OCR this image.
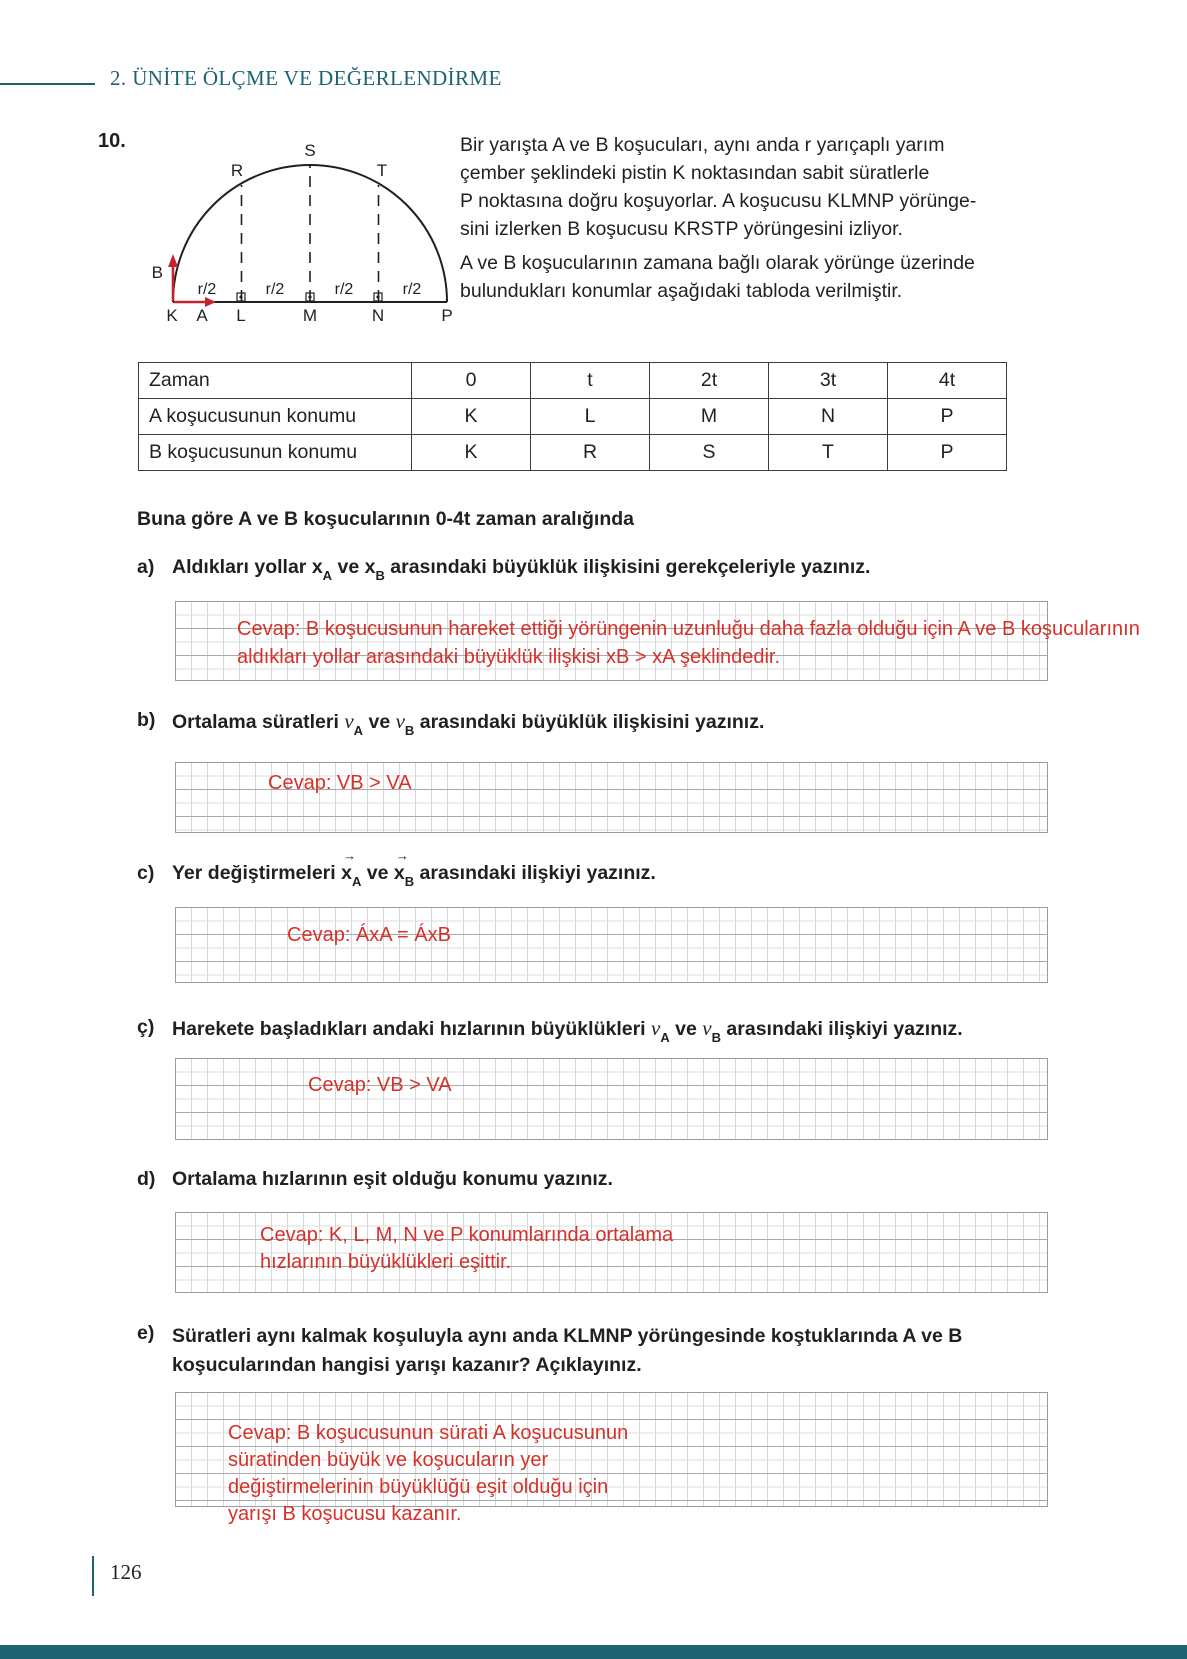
2. ÜNİTE ÖLÇME VE DEĞERLENDİRME
10.
r/2	r/2	r/2	r/2
B
K A L	M	N	P
R
S
T
Bir yarışta A ve B koşucuları, aynı anda r yarıçaplı yarım
çember şeklindeki pistin K noktasından sabit süratlerle
P noktasına doğru koşuyorlar. A koşucusu KLMNP yörünge-
sini izlerken B koşucusu KRSTP yörüngesini izliyor.
A ve B koşucularının zamana bağlı olarak yörünge üzerinde
bulundukları konumlar aşağıdaki tabloda verilmiştir.
Zaman	0	t	2t	3t	4t
A koşucusunun konumu	K	L	M	N	P
B koşucusunun konumu	K	R	S	T	P
Buna göre A ve B koşucularının 0-4t zaman aralığında
a) Aldıkları yollar $x_A$ ve $x_B$ arasındaki büyüklük ilişkisini gerekçeleriyle yazınız.
Cevap: B koşucusunun hareket ettiği yörüngenin uzunluğu daha fazla olduğu için A ve B koşucularının
aldıkları yollar arasındaki büyüklük ilişkisi xB > xA şeklindedir.
b) Ortalama süratleri $v_A$ ve $v_B$ arasındaki büyüklük ilişkisini yazınız.
Cevap: VB > VA
c) Yer değiştirmeleri
→
$x_A$ ve
→
$x_B$ arasındaki ilişkiyi yazınız.
Cevap: ÁxA = ÁxB
ç) Harekete başladıkları andaki hızlarının büyüklükleri $v_A$ ve $v_B$ arasındaki ilişkiyi yazınız.
Cevap: VB > VA
d) Ortalama hızlarının eşit olduğu konumu yazınız.
Cevap: K, L, M, N ve P konumlarında ortalama
hızlarının büyüklükleri eşittir.
e) Süratleri aynı kalmak koşuluyla aynı anda KLMNP yörüngesinde koştuklarında A ve B
koşucularından hangisi yarışı kazanır? Açıklayınız.
Cevap: B koşucusunun sürati A koşucusunun
süratinden büyük ve koşucuların yer
değiştirmelerinin büyüklüğü eşit olduğu için
yarışı B koşucusu kazanır.
126
